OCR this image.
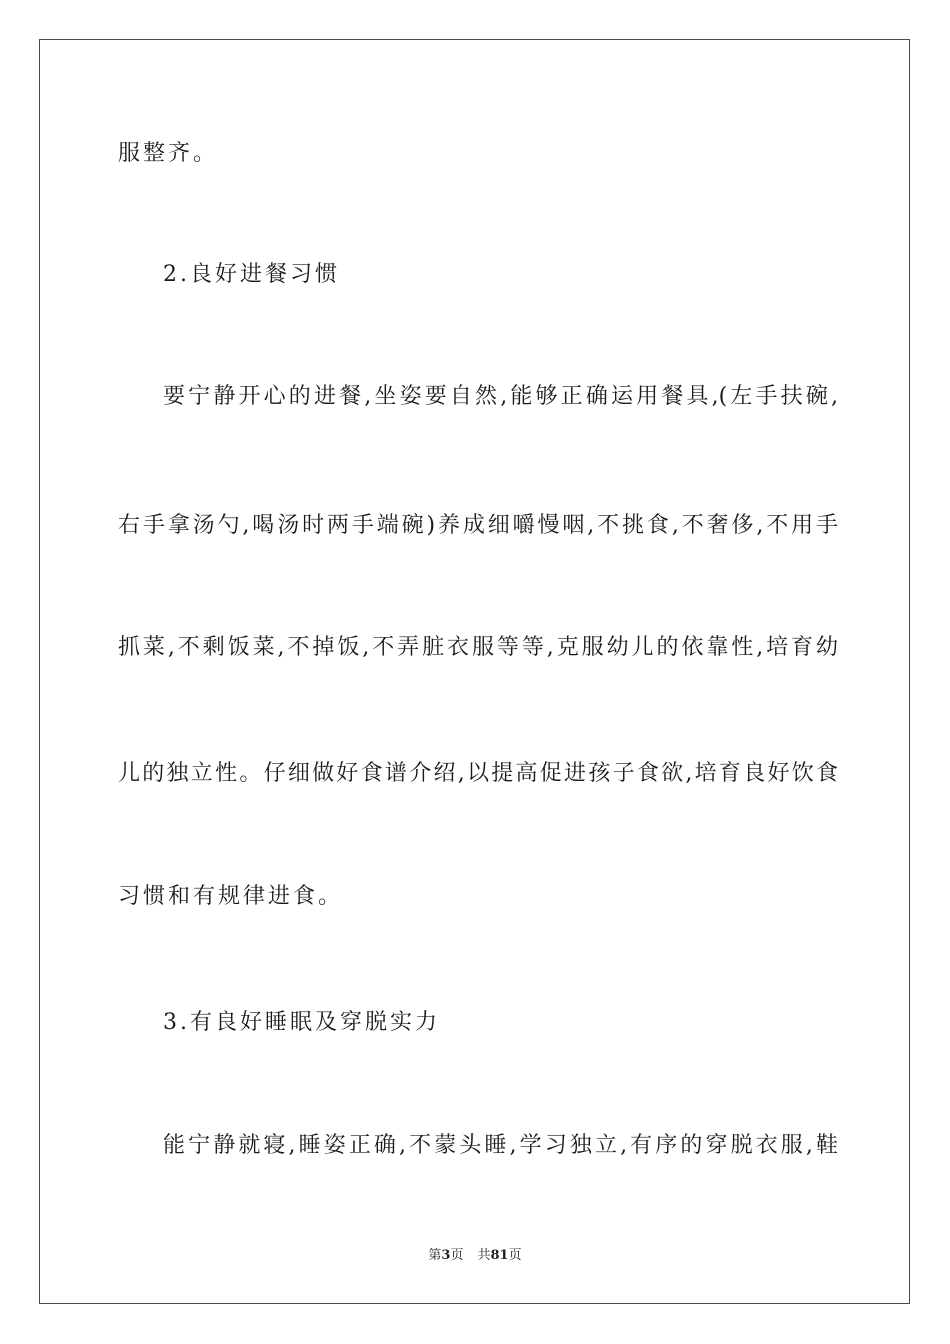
服整齐。
2.良好进餐习惯
要宁静开心的进餐,坐姿要自然,能够正确运用餐具,(左手扶碗,
右手拿汤勺,喝汤时两手端碗)养成细嚼慢咽,不挑食,不奢侈,不用手
抓菜,不剩饭菜,不掉饭,不弄脏衣服等等,克服幼儿的依靠性,培育幼
儿的独立性。仔细做好食谱介绍,以提高促进孩子食欲,培育良好饮食
习惯和有规律进食。
3.有良好睡眠及穿脱实力
能宁静就寝,睡姿正确,不蒙头睡,学习独立,有序的穿脱衣服,鞋
第3页 共81页
